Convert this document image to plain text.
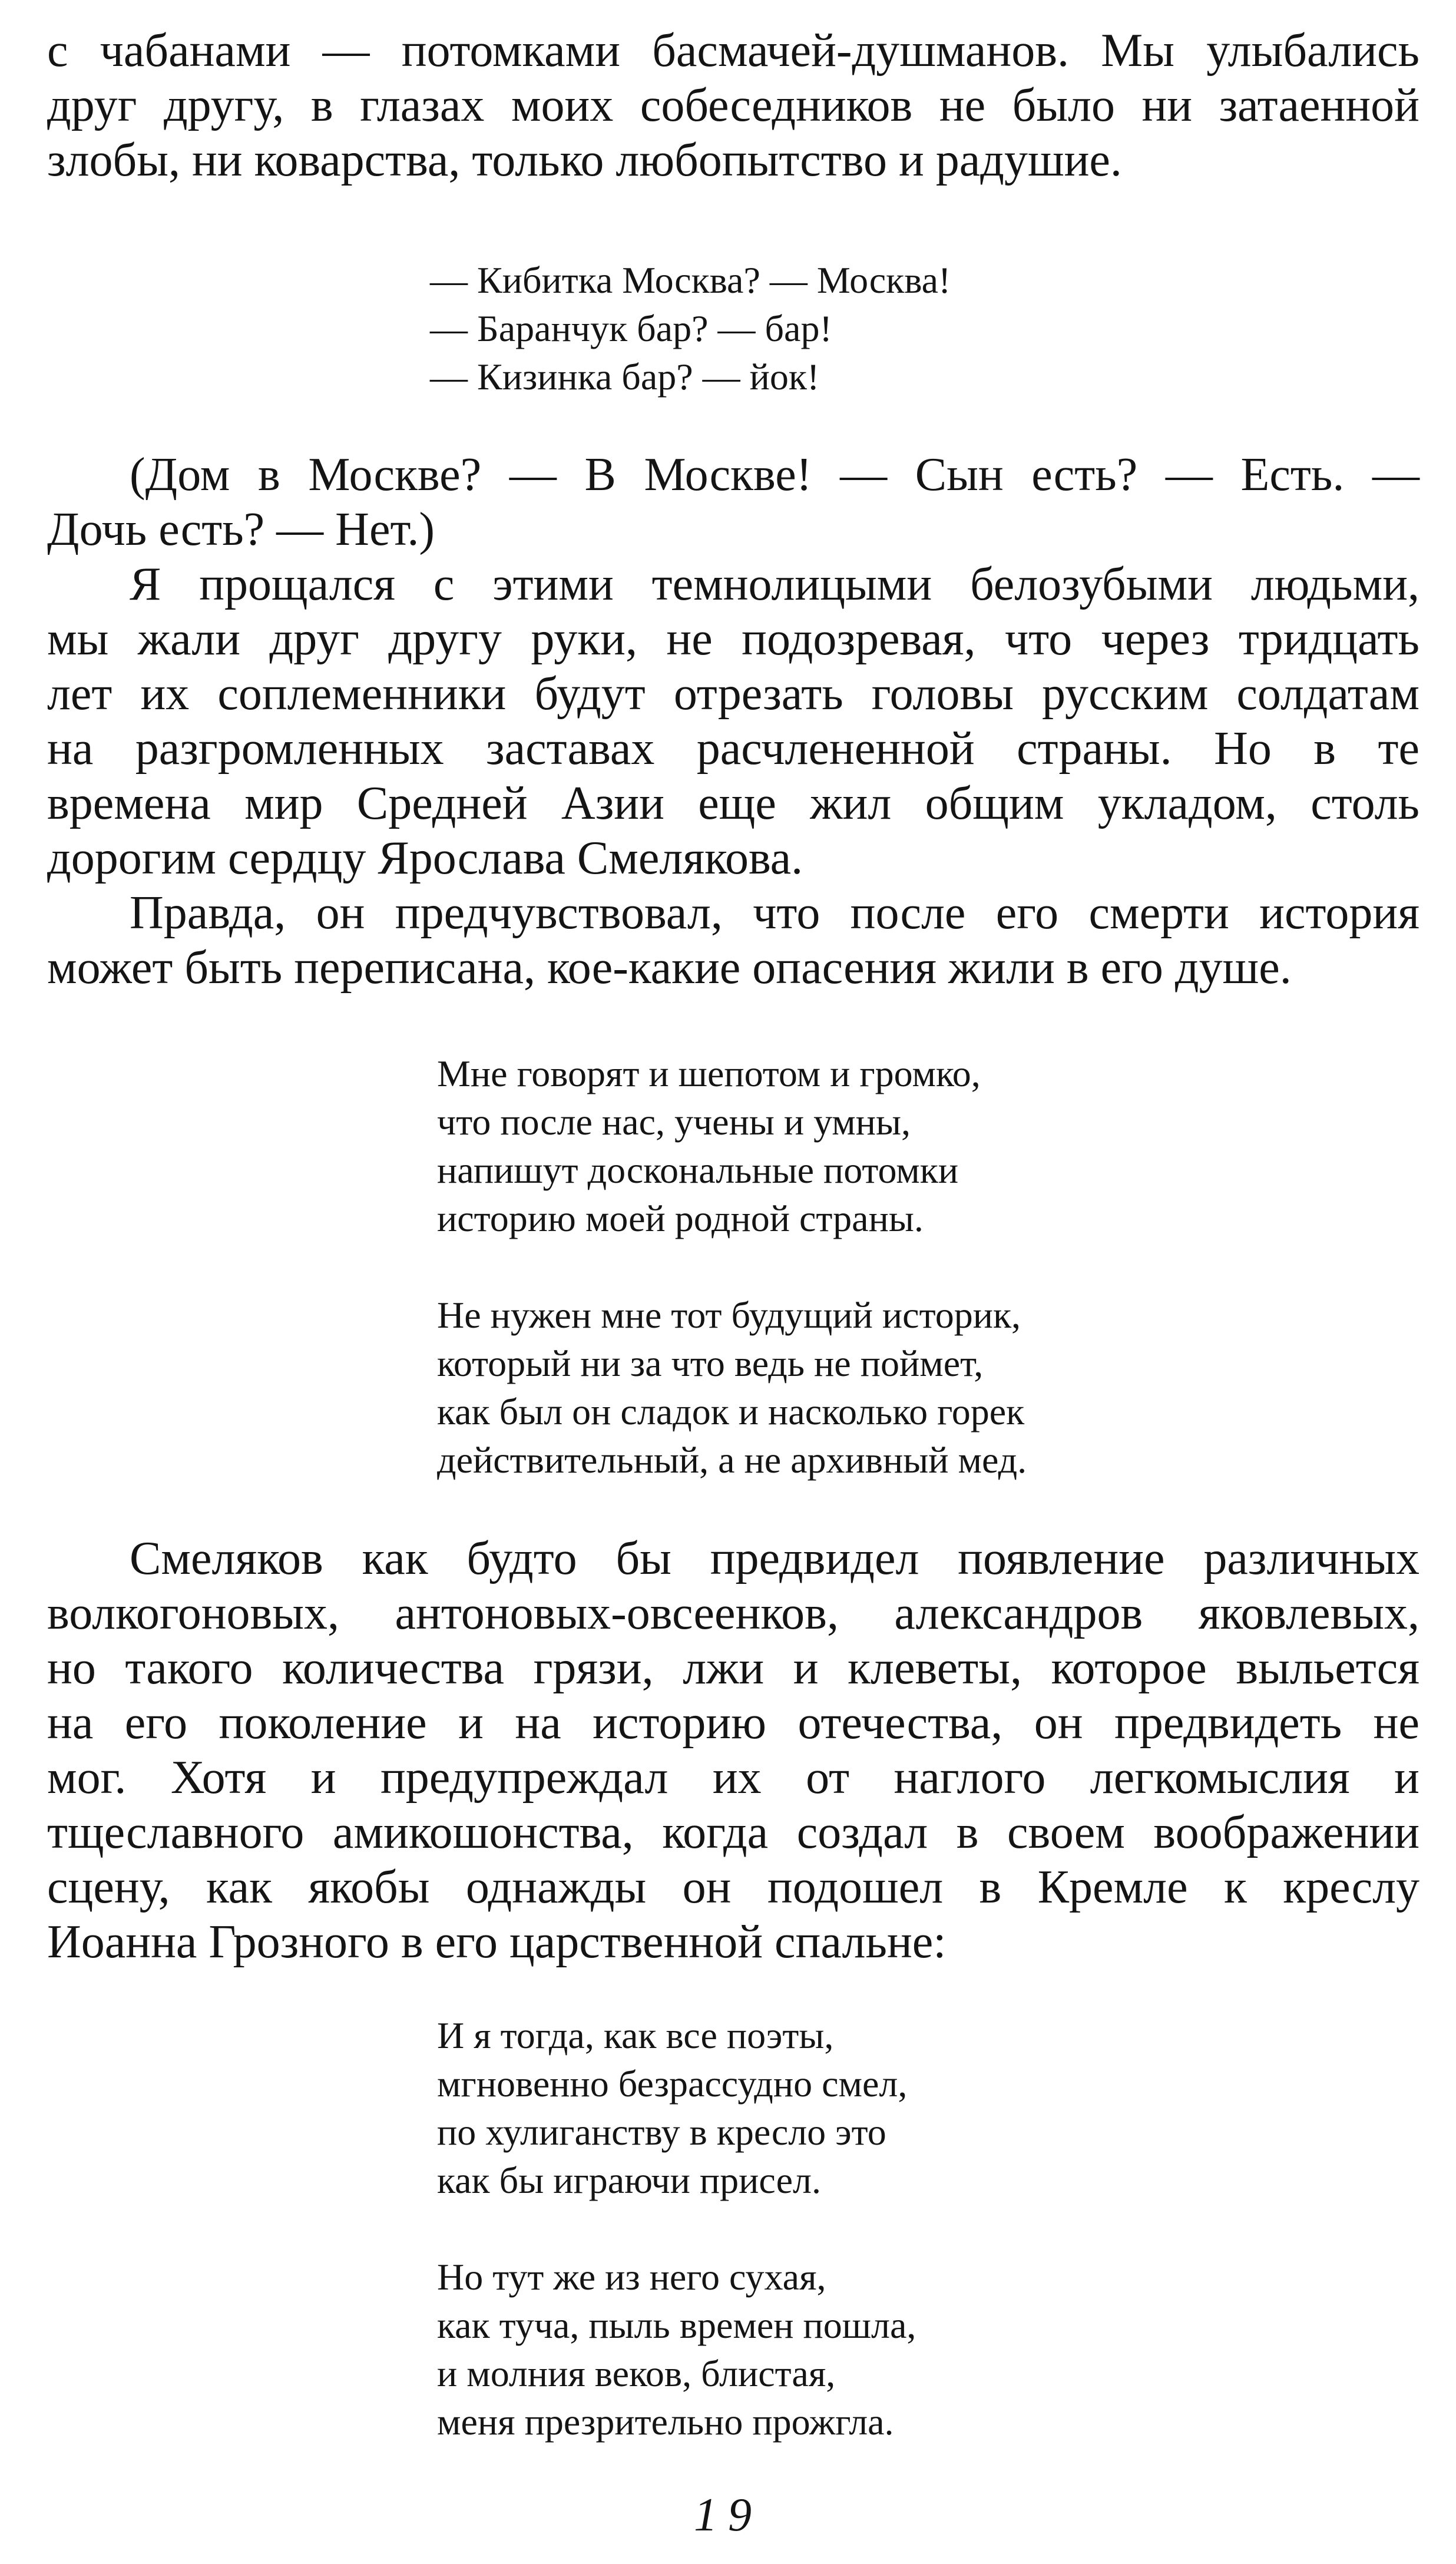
с чабанами — потомками басмачей-душманов. Мы улыбались
друг другу, в глазах моих собеседников не было ни затаенной
злобы, ни коварства, только любопытство и радушие.
— Кибитка Москва? — Москва!
— Баранчук бар? — бар!
— Кизинка бар? — йок!
(Дом в Москве? — В Москве! — Сын есть? — Есть. —
Дочь есть? — Нет.)
Я прощался с этими темнолицыми белозубыми людьми,
мы жали друг другу руки, не подозревая, что через тридцать
лет их соплеменники будут отрезать головы русским солдатам
на разгромленных заставах расчлененной страны. Но в те
времена мир Средней Азии еще жил общим укладом, столь
дорогим сердцу Ярослава Смелякова.
Правда, он предчувствовал, что после его смерти история
может быть переписана, кое-какие опасения жили в его душе.
Мне говорят и шепотом и громко,
что после нас, учены и умны,
напишут доскональные потомки
историю моей родной страны.
Не нужен мне тот будущий историк,
который ни за что ведь не поймет,
как был он сладок и насколько горек
действительный, а не архивный мед.
Смеляков как будто бы предвидел появление различных
волкогоновых, антоновых-овсеенков, александров яковлевых,
но такого количества грязи, лжи и клеветы, которое выльется
на его поколение и на историю отечества, он предвидеть не
мог. Хотя и предупреждал их от наглого легкомыслия и
тщеславного амикошонства, когда создал в своем воображении
сцену, как якобы однажды он подошел в Кремле к креслу
Иоанна Грозного в его царственной спальне:
И я тогда, как все поэты,
мгновенно безрассудно смел,
по хулиганству в кресло это
как бы играючи присел.
Но тут же из него сухая,
как туча, пыль времен пошла,
и молния веков, блистая,
меня презрительно прожгла.
19
